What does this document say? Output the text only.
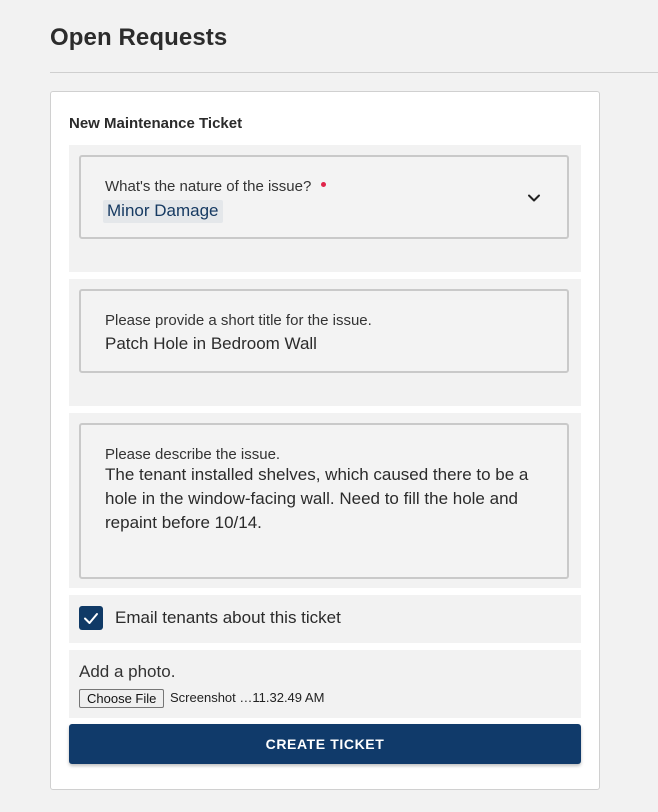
Open Requests
New Maintenance Ticket
What's the nature of the issue?
Minor Damage
Please provide a short title for the issue.
Patch Hole in Bedroom Wall
Please describe the issue.
The tenant installed shelves, which caused there to be a hole in the window-facing wall. Need to fill the hole and repaint before 10/14.
Email tenants about this ticket
Add a photo.
Choose File	Screenshot …11.32.49 AM
CREATE TICKET
